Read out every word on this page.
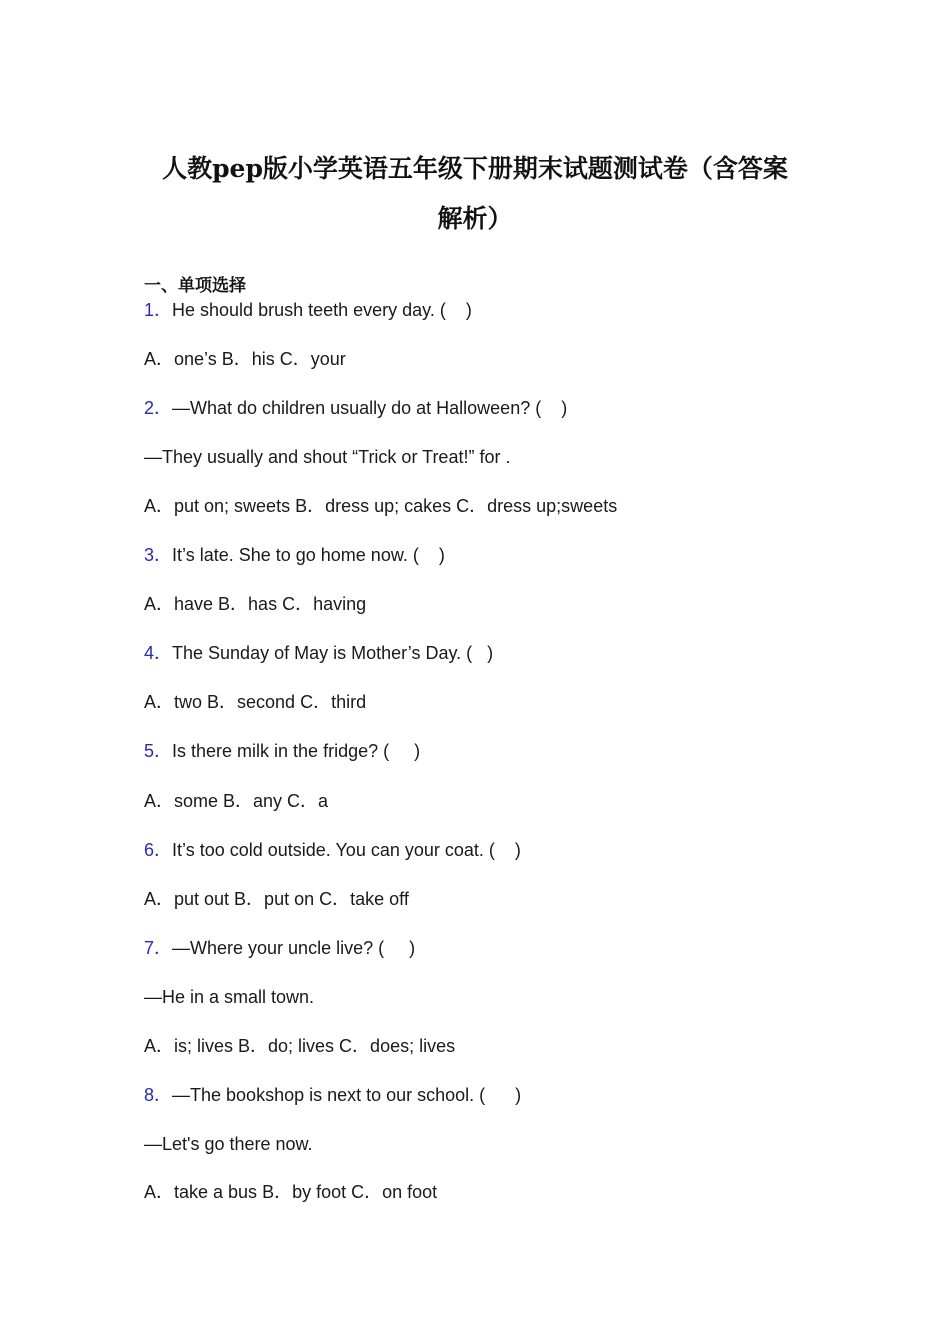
人教pep版小学英语五年级下册期末试题测试卷（含答案
解析）
一、单项选择
1．He should brush teeth every day. (    )
A．one’s B．his C．your
2．—What do children usually do at Halloween? (    )
—They usually and shout “Trick or Treat!” for .
A．put on; sweets B．dress up; cakes C．dress up;sweets
3．It’s late. She to go home now. (    )
A．have B．has C．having
4．The Sunday of May is Mother’s Day. (   )
A．two B．second C．third
5．Is there milk in the fridge? (     )
A．some B．any C．a
6．It’s too cold outside. You can your coat. (    )
A．put out B．put on C．take off
7．—Where your uncle live? (     )
—He in a small town.
A．is; lives B．do; lives C．does; lives
8．—The bookshop is next to our school. (      )
—Let's go there now.
A．take a bus B．by foot C．on foot
